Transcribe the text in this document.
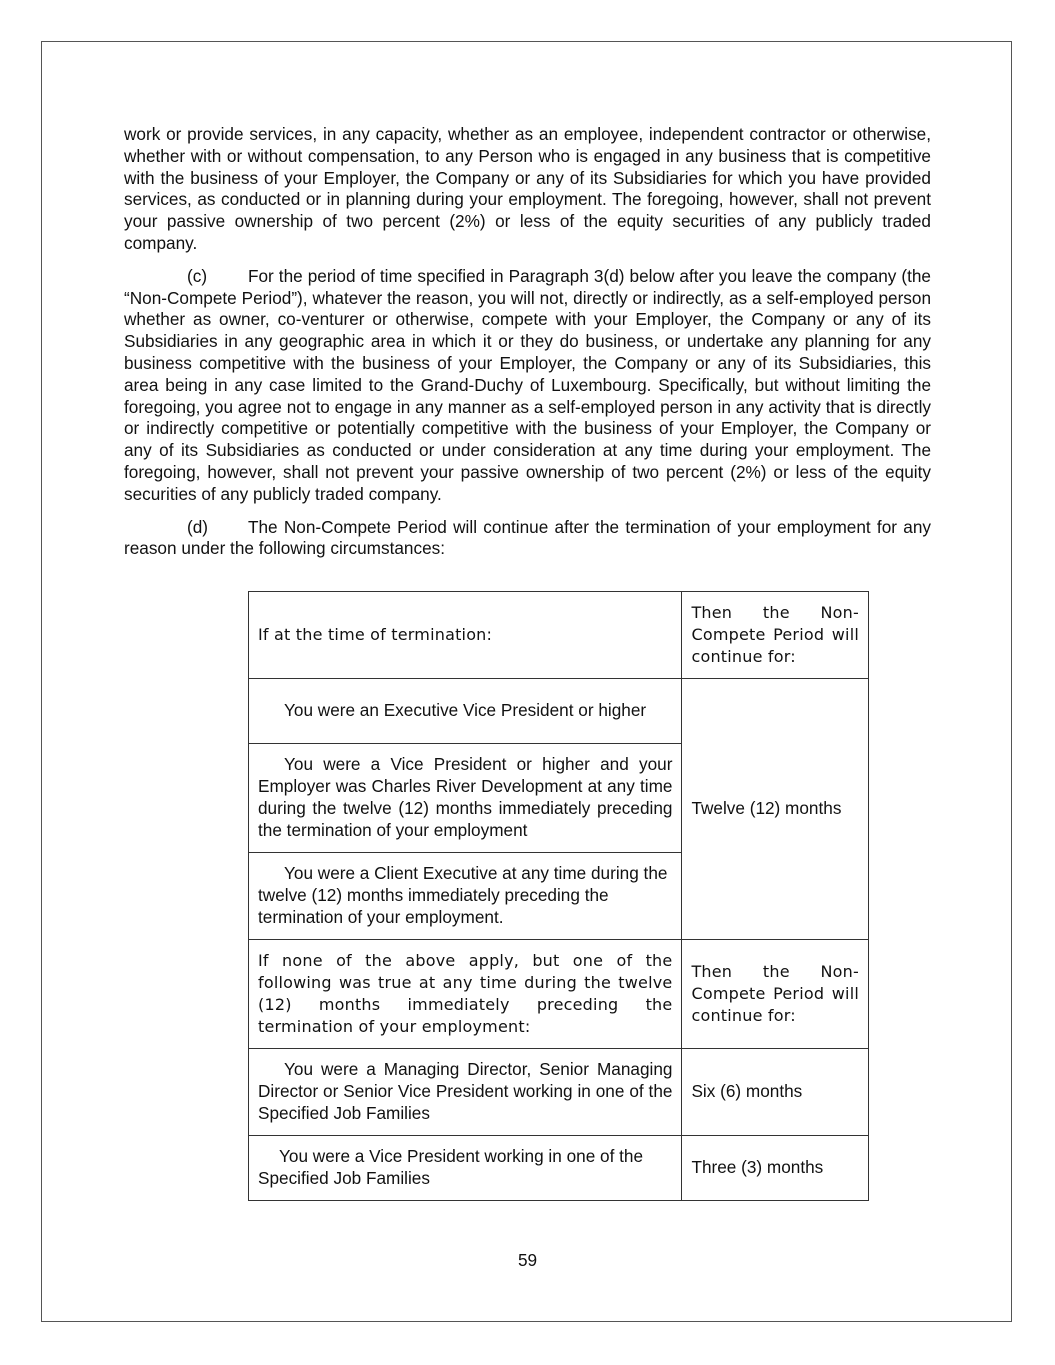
work or provide services, in any capacity, whether as an employee, independent contractor or otherwise, whether with or without compensation, to any Person who is engaged in any business that is competitive with the business of your Employer, the Company or any of its Subsidiaries for which you have provided services, as conducted or in planning during your employment. The foregoing, however, shall not prevent your passive ownership of two percent (2%) or less of the equity securities of any publicly traded company.

(c) For the period of time specified in Paragraph 3(d) below after you leave the company (the “Non-Compete Period”), whatever the reason, you will not, directly or indirectly, as a self-employed person whether as owner, co-venturer or otherwise, compete with your Employer, the Company or any of its Subsidiaries in any geographic area in which it or they do business, or undertake any planning for any business competitive with the business of your Employer, the Company or any of its Subsidiaries, this area being in any case limited to the Grand-Duchy of Luxembourg. Specifically, but without limiting the foregoing, you agree not to engage in any manner as a self-employed person in any activity that is directly or indirectly competitive or potentially competitive with the business of your Employer, the Company or any of its Subsidiaries as conducted or under consideration at any time during your employment. The foregoing, however, shall not prevent your passive ownership of two percent (2%) or less of the equity securities of any publicly traded company.

(d) The Non-Compete Period will continue after the termination of your employment for any reason under the following circumstances:

If at the time of termination:	Then the Non-Compete Period will continue for:
You were an Executive Vice President or higher	Twelve (12) months
You were a Vice President or higher and your Employer was Charles River Development at any time during the twelve (12) months immediately preceding the termination of your employment	
You were a Client Executive at any time during the twelve (12) months immediately preceding the termination of your employment.	
If none of the above apply, but one of the following was true at any time during the twelve (12) months immediately preceding the termination of your employment:	Then the Non-Compete Period will continue for:
You were a Managing Director, Senior Managing Director or Senior Vice President working in one of the Specified Job Families	Six (6) months
You were a Vice President working in one of the Specified Job Families	Three (3) months
59
